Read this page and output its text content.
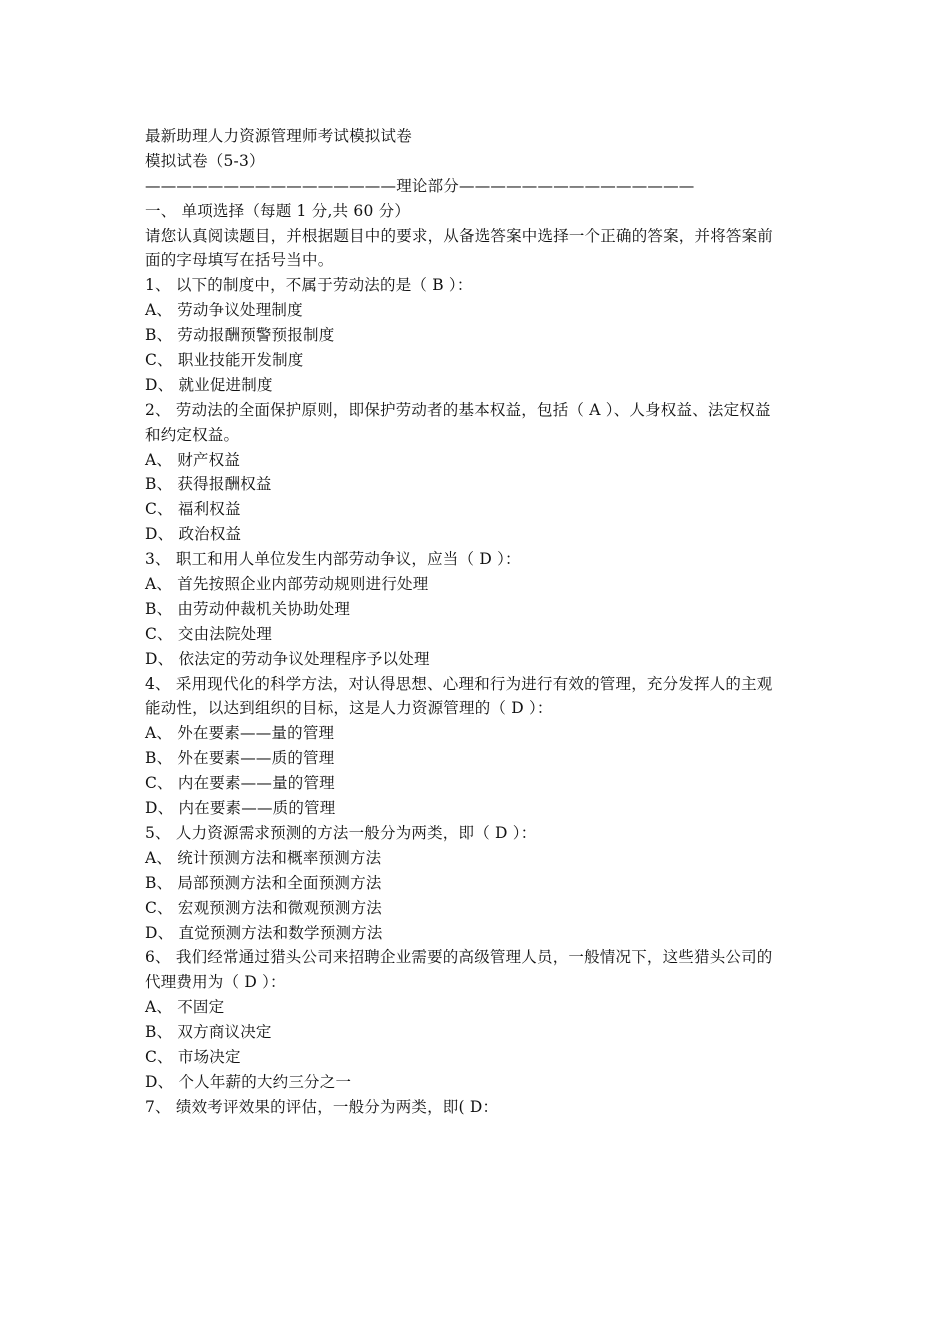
最新助理人力资源管理师考试模拟试卷
模拟试卷（5-3）
————————————————理论部分———————————————
一、 单项选择（每题 1 分,共 60 分）
请您认真阅读题目，并根据题目中的要求，从备选答案中选择一个正确的答案，并将答案前
面的字母填写在括号当中。
1、 以下的制度中，不属于劳动法的是（ B ）：
A、 劳动争议处理制度
B、 劳动报酬预警预报制度
C、 职业技能开发制度
D、 就业促进制度
2、 劳动法的全面保护原则，即保护劳动者的基本权益，包括（ A ）、人身权益、法定权益
和约定权益。
A、 财产权益
B、 获得报酬权益
C、 福利权益
D、 政治权益
3、 职工和用人单位发生内部劳动争议，应当（ D ）：
A、 首先按照企业内部劳动规则进行处理
B、 由劳动仲裁机关协助处理
C、 交由法院处理
D、 依法定的劳动争议处理程序予以处理
4、 采用现代化的科学方法，对认得思想、心理和行为进行有效的管理，充分发挥人的主观
能动性，以达到组织的目标，这是人力资源管理的（ D ）：
A、 外在要素——量的管理
B、 外在要素——质的管理
C、 内在要素——量的管理
D、 内在要素——质的管理
5、 人力资源需求预测的方法一般分为两类，即（ D ）：
A、 统计预测方法和概率预测方法
B、 局部预测方法和全面预测方法
C、 宏观预测方法和微观预测方法
D、 直觉预测方法和数学预测方法
6、 我们经常通过猎头公司来招聘企业需要的高级管理人员，一般情况下，这些猎头公司的
代理费用为（ D ）：
A、 不固定
B、 双方商议决定
C、 市场决定
D、 个人年薪的大约三分之一
7、 绩效考评效果的评估，一般分为两类，即( D：
